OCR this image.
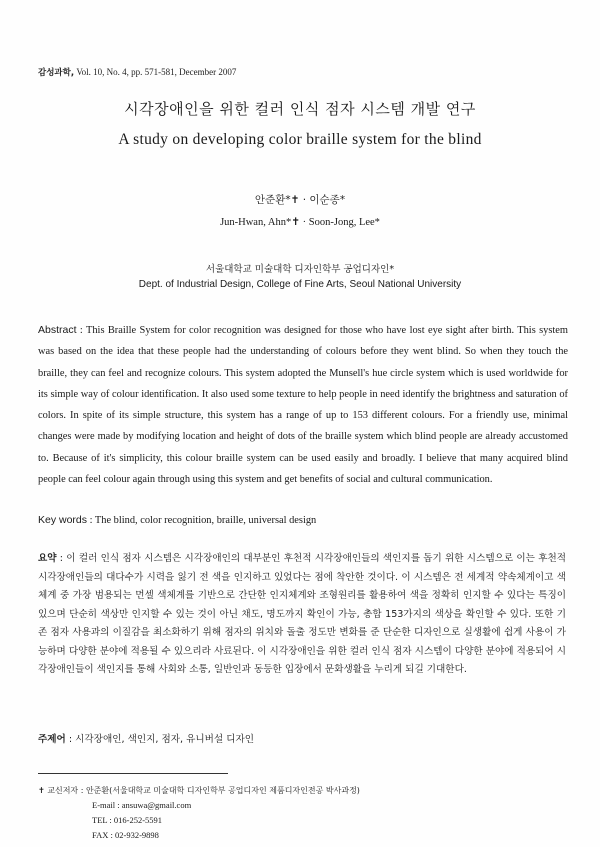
감성과학, Vol. 10, No. 4, pp. 571-581, December 2007
시각장애인을 위한 컬러 인식 점자 시스템 개발 연구
A study on developing color braille system for the blind
안준환*✝ · 이순종*
Jun-Hwan, Ahn*✝ · Soon-Jong, Lee*
서울대학교 미술대학 디자인학부 공업디자인*
Dept. of Industrial Design, College of Fine Arts, Seoul National University
Abstract : This Braille System for color recognition was designed for those who have lost eye sight after birth. This system was based on the idea that these people had the understanding of colours before they went blind. So when they touch the braille, they can feel and recognize colours. This system adopted the Munsell's hue circle system which is used worldwide for its simple way of colour identification. It also used some texture to help people in need identify the brightness and saturation of colors. In spite of its simple structure, this system has a range of up to 153 different colours. For a friendly use, minimal changes were made by modifying location and height of dots of the braille system which blind people are already accustomed to. Because of it's simplicity, this colour braille system can be used easily and broadly. I believe that many acquired blind people can feel colour again through using this system and get benefits of social and cultural communication.
Key words : The blind, color recognition, braille, universal design
요약 : 이 컬러 인식 점자 시스템은 시각장애인의 대부분인 후천적 시각장애인들의 색인지를 돕기 위한 시스템으로 이는 후천적 시각장애인들의 대다수가 시력을 잃기 전 색을 인지하고 있었다는 점에 착안한 것이다. 이 시스템은 전 세계적 약속체계이고 색체계 중 가장 범용되는 먼셀 색체계를 기반으로 간단한 인지체계와 조형원리를 활용하여 색을 정확히 인지할 수 있다는 특징이 있으며 단순히 색상만 인지할 수 있는 것이 아닌 채도, 명도까지 확인이 가능, 총합 153가지의 색상을 확인할 수 있다. 또한 기존 점자 사용과의 이질감을 최소화하기 위해 점자의 위치와 돌출 정도만 변화를 준 단순한 디자인으로 실생활에 쉽게 사용이 가능하며 다양한 분야에 적용될 수 있으리라 사료된다. 이 시각장애인을 위한 컬러 인식 점자 시스템이 다양한 분야에 적용되어 시각장애인들이 색인지를 통해 사회와 소통, 일반인과 동등한 입장에서 문화생활을 누리게 되길 기대한다.
주제어 : 시각장애인, 색인지, 점자, 유니버설 디자인
✝ 교신저자 : 안준환(서울대학교 미술대학 디자인학부 공업디자인 제품디자인전공 박사과정)
E-mail : ansuwa@gmail.com
TEL : 016-252-5591
FAX : 02-932-9898
